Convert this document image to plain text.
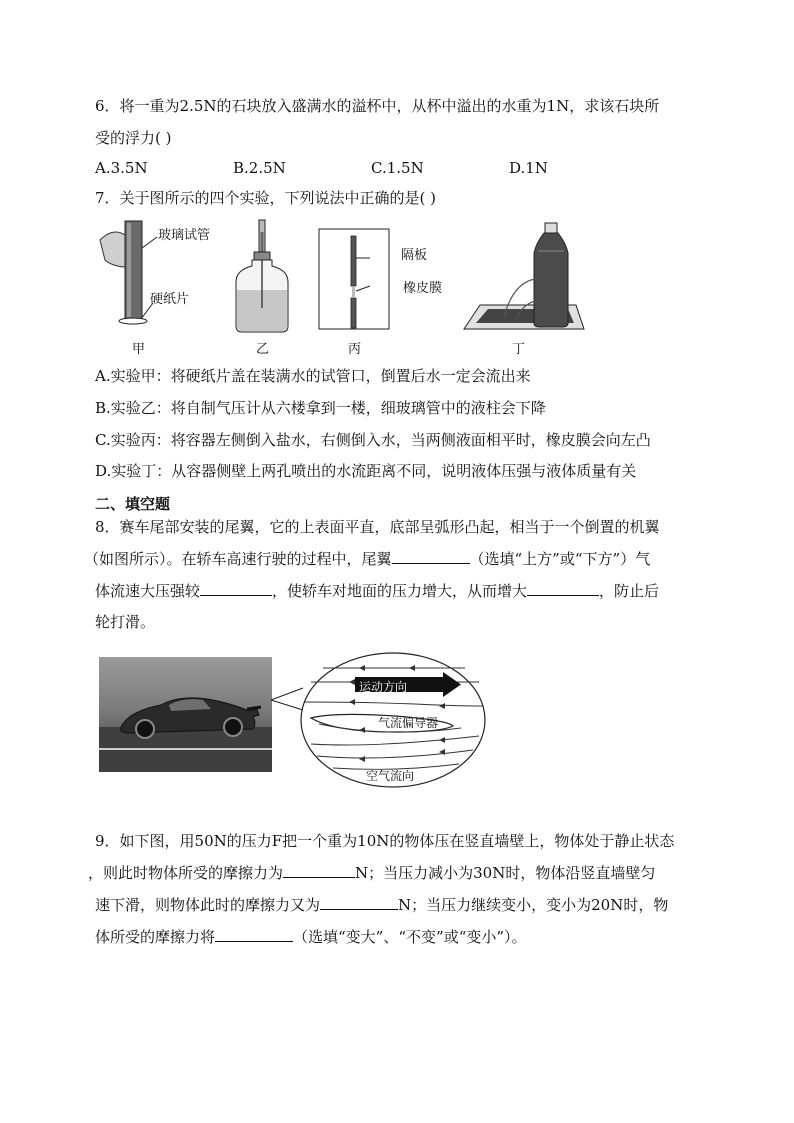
6．将一重为2.5N的石块放入盛满水的溢杯中，从杯中溢出的水重为1N，求该石块所
受的浮力( )
A.3.5N	B.2.5N	C.1.5N	D.1N
7．关于图所示的四个实验，下列说法中正确的是( )
玻璃试管
硬纸片
甲	乙
隔板
橡皮膜
丙	丁
A.实验甲：将硬纸片盖在装满水的试管口，倒置后水一定会流出来
B.实验乙：将自制气压计从六楼拿到一楼，细玻璃管中的液柱会下降
C.实验丙：将容器左侧倒入盐水，右侧倒入水，当两侧液面相平时，橡皮膜会向左凸
D.实验丁：从容器侧壁上两孔喷出的水流距离不同，说明液体压强与液体质量有关
二、填空题
8．赛车尾部安装的尾翼，它的上表面平直，底部呈弧形凸起，相当于一个倒置的机翼
（如图所示）。在轿车高速行驶的过程中，尾翼	（选填“上方”或“下方”）气
体流速大压强较	，使轿车对地面的压力增大，从而增大	，防止后
轮打滑。
运动方向
气流偏导器
空气流向
9．如下图，用50N的压力F把一个重为10N的物体压在竖直墙壁上，物体处于静止状态
，则此时物体所受的摩擦力为	N；当压力减小为30N时，物体沿竖直墙壁匀
速下滑，则物体此时的摩擦力又为	N；当压力继续变小，变小为20N时，物
体所受的摩擦力将	（选填“变大”、“不变”或“变小”）。
